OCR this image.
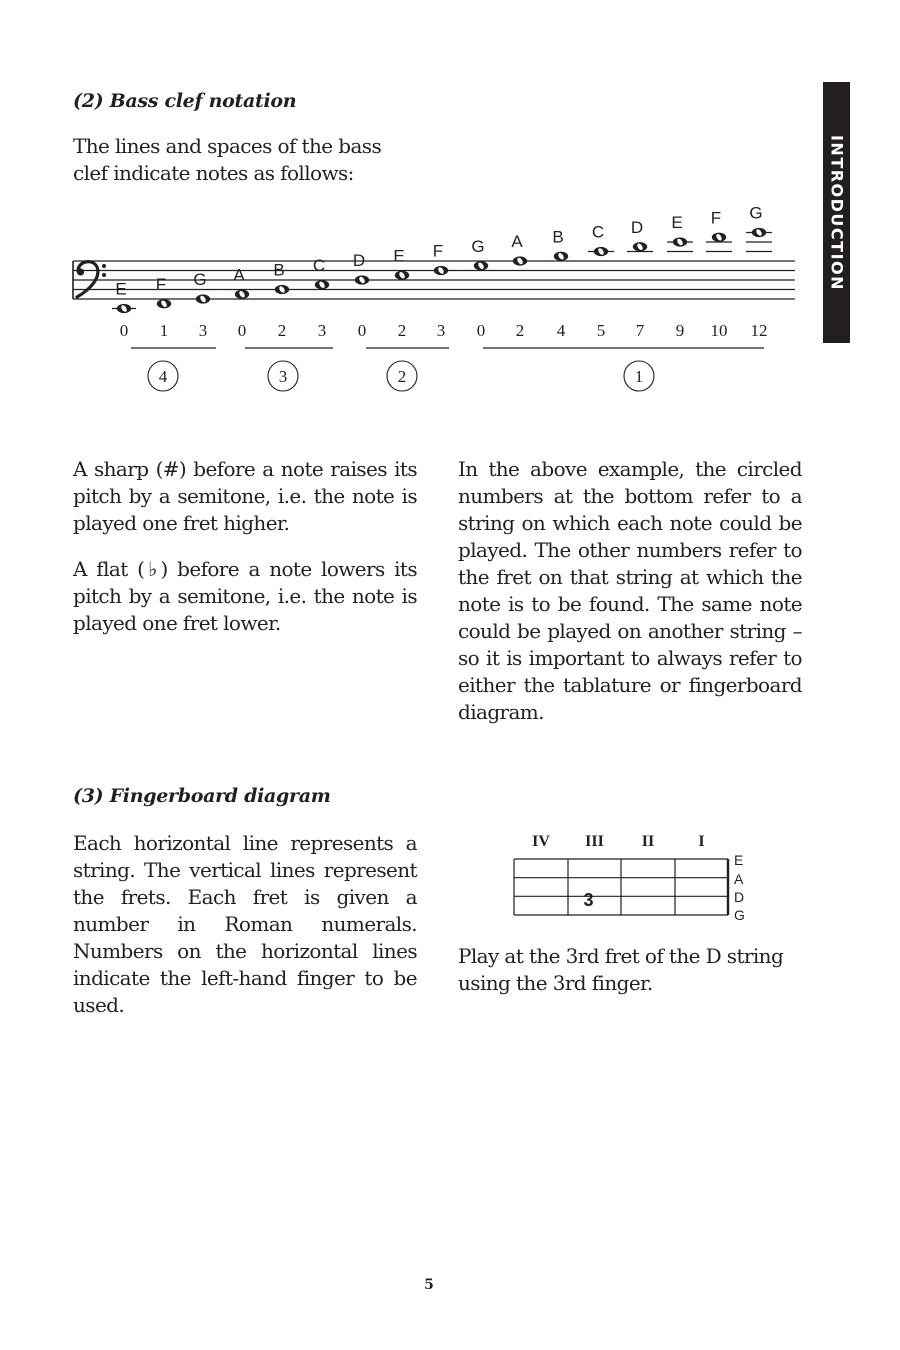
INTRODUCTION
(2) Bass clef notation

The lines and spaces of the bass clef indicate notes as follows:

E
0
F
1
G
3
A
0
B
2
C
3
D
0
E
2
F
3
G
0
A
2
B
4
C
5
D
7
E
9
F
10
G
12
4	3	2	1

A sharp (#) before a note raises its pitch by a semitone, i.e. the note is played one fret higher.

A flat (♭) before a note lowers its pitch by a semitone, i.e. the note is played one fret lower.

In the above example, the circled numbers at the bottom refer to a string on which each note could be played. The other numbers refer to the fret on that string at which the note is to be found. The same note could be played on another string – so it is important to always refer to either the tablature or fingerboard diagram.

(3) Fingerboard diagram

Each horizontal line represents a string. The vertical lines represent the frets. Each fret is given a number in Roman numerals. Numbers on the horizontal lines indicate the left-hand finger to be used.

IV III II	I
E
A
D
G
3

Play at the 3rd fret of the D string using the 3rd finger.

5
